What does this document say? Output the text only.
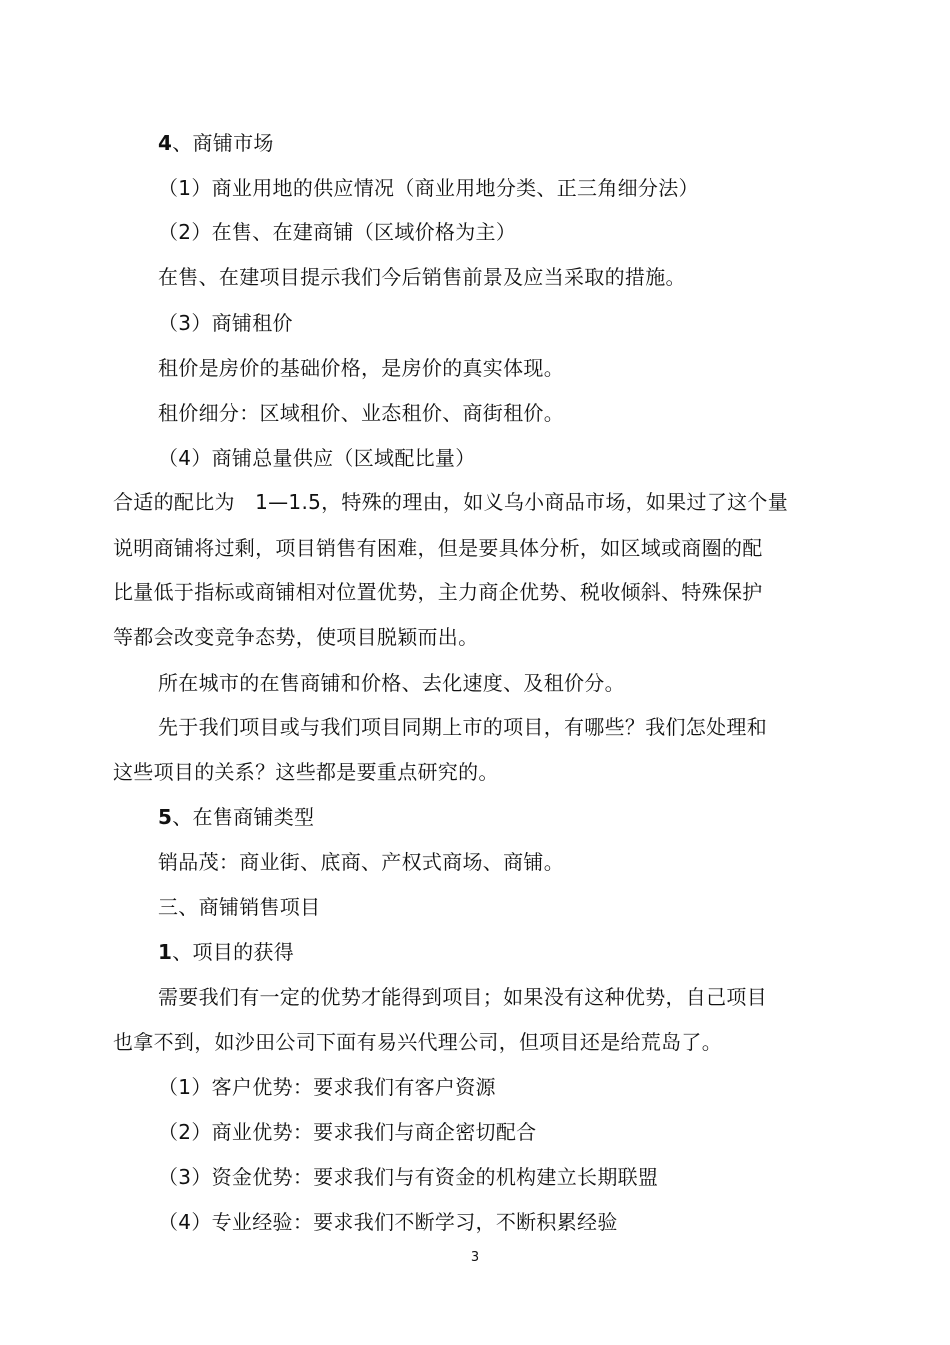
4、商铺市场
（1）商业用地的供应情况（商业用地分类、正三角细分法）
（2）在售、在建商铺（区域价格为主）
在售、在建项目提示我们今后销售前景及应当采取的措施。
（3）商铺租价
租价是房价的基础价格，是房价的真实体现。
租价细分：区域租价、业态租价、商街租价。
（4）商铺总量供应（区域配比量）
合适的配比为　1—1.5，特殊的理由，如义乌小商品市场，如果过了这个量
说明商铺将过剩，项目销售有困难，但是要具体分析，如区域或商圈的配
比量低于指标或商铺相对位置优势，主力商企优势、税收倾斜、特殊保护
等都会改变竞争态势，使项目脱颖而出。
所在城市的在售商铺和价格、去化速度、及租价分。
先于我们项目或与我们项目同期上市的项目，有哪些？我们怎处理和
这些项目的关系？这些都是要重点研究的。
5、在售商铺类型
销品茂：商业街、底商、产权式商场、商铺。
三、商铺销售项目
1、项目的获得
需要我们有一定的优势才能得到项目；如果没有这种优势，自己项目
也拿不到，如沙田公司下面有易兴代理公司，但项目还是给荒岛了。
（1）客户优势：要求我们有客户资源
（2）商业优势：要求我们与商企密切配合
（3）资金优势：要求我们与有资金的机构建立长期联盟
（4）专业经验：要求我们不断学习，不断积累经验
3
